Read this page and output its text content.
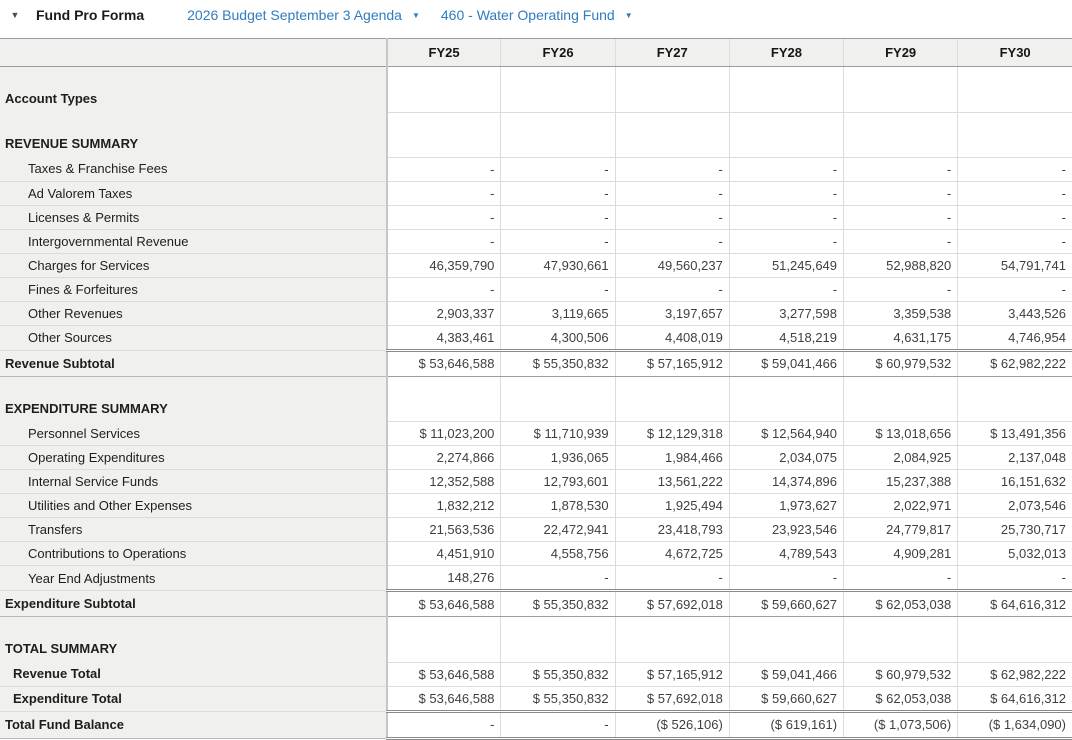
▼ Fund Pro Forma	2026 Budget September 3 Agenda ▼ 460 - Water Operating Fund ▼
	FY25	FY26	FY27	FY28	FY29	FY30
Account Types						
REVENUE SUMMARY						
Taxes & Franchise Fees	-	-	-	-	-	-
Ad Valorem Taxes	-	-	-	-	-	-
Licenses & Permits	-	-	-	-	-	-
Intergovernmental Revenue	-	-	-	-	-	-
Charges for Services	46,359,790	47,930,661	49,560,237	51,245,649	52,988,820	54,791,741
Fines & Forfeitures	-	-	-	-	-	-
Other Revenues	2,903,337	3,119,665	3,197,657	3,277,598	3,359,538	3,443,526
Other Sources	4,383,461	4,300,506	4,408,019	4,518,219	4,631,175	4,746,954
Revenue Subtotal	$ 53,646,588	$ 55,350,832	$ 57,165,912	$ 59,041,466	$ 60,979,532	$ 62,982,222
EXPENDITURE SUMMARY						
Personnel Services	$ 11,023,200	$ 11,710,939	$ 12,129,318	$ 12,564,940	$ 13,018,656	$ 13,491,356
Operating Expenditures	2,274,866	1,936,065	1,984,466	2,034,075	2,084,925	2,137,048
Internal Service Funds	12,352,588	12,793,601	13,561,222	14,374,896	15,237,388	16,151,632
Utilities and Other Expenses	1,832,212	1,878,530	1,925,494	1,973,627	2,022,971	2,073,546
Transfers	21,563,536	22,472,941	23,418,793	23,923,546	24,779,817	25,730,717
Contributions to Operations	4,451,910	4,558,756	4,672,725	4,789,543	4,909,281	5,032,013
Year End Adjustments	148,276	-	-	-	-	-
Expenditure Subtotal	$ 53,646,588	$ 55,350,832	$ 57,692,018	$ 59,660,627	$ 62,053,038	$ 64,616,312
TOTAL SUMMARY						
Revenue Total	$ 53,646,588	$ 55,350,832	$ 57,165,912	$ 59,041,466	$ 60,979,532	$ 62,982,222
Expenditure Total	$ 53,646,588	$ 55,350,832	$ 57,692,018	$ 59,660,627	$ 62,053,038	$ 64,616,312
Total Fund Balance	-	-	($ 526,106)	($ 619,161)	($ 1,073,506)	($ 1,634,090)
